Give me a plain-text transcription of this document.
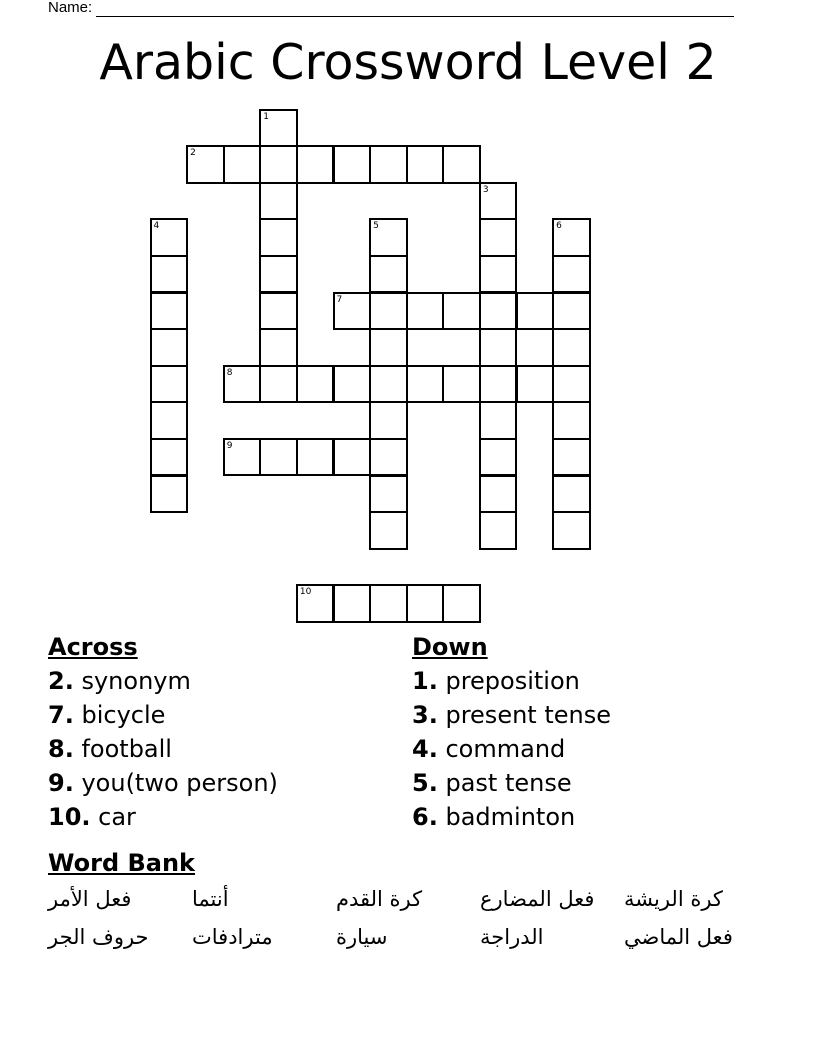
Name:
Arabic Crossword Level 2
1
2
3
4	5	6
7
8
9
10
Across
2. synonym
7. bicycle
8. football
9. you(two person)
10. car
Down
1. preposition
3. present tense
4. command
5. past tense
6. badminton
Word Bank
فعل الأمر	أنتما	كرة القدم	فعل المضارع	كرة الريشة
حروف الجر	مترادفات	سيارة	الدراجة	فعل الماضي
